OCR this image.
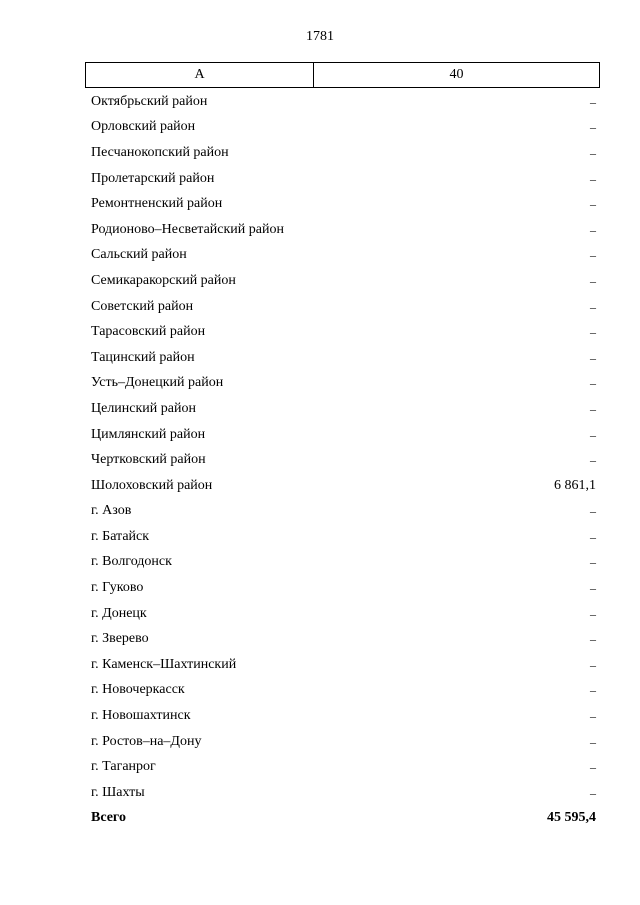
1781
А	40
Октябрьский район	–
Орловский район	–
Песчанокопский район	–
Пролетарский район	–
Ремонтненский район	–
Родионово–Несветайский район	–
Сальский район	–
Семикаракорский район	–
Советский район	–
Тарасовский район	–
Тацинский район	–
Усть–Донецкий район	–
Целинский район	–
Цимлянский район	–
Чертковский район	–
Шолоховский район	6 861,1
г. Азов	–
г. Батайск	–
г. Волгодонск	–
г. Гуково	–
г. Донецк	–
г. Зверево	–
г. Каменск–Шахтинский	–
г. Новочеркасск	–
г. Новошахтинск	–
г. Ростов–на–Дону	–
г. Таганрог	–
г. Шахты	–
Всего	45 595,4
